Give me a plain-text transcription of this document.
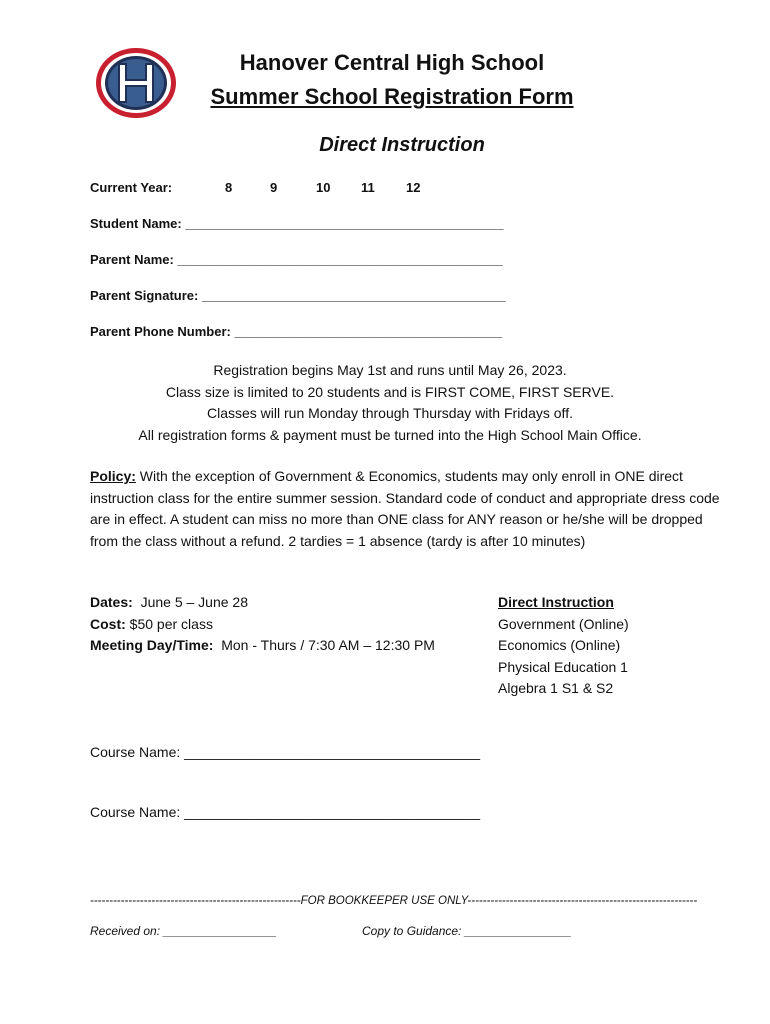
Hanover Central High School
Summer School Registration Form
Direct Instruction
Current Year:	8	9	10 11 12
Student Name: ____________________________________________
Parent Name: _____________________________________________
Parent Signature: __________________________________________
Parent Phone Number: _____________________________________
Registration begins May 1st and runs until May 26, 2023.
Class size is limited to 20 students and is FIRST COME, FIRST SERVE.
Classes will run Monday through Thursday with Fridays off.
All registration forms & payment must be turned into the High School Main Office.
Policy: With the exception of Government & Economics, students may only enroll in ONE direct instruction class for the entire summer session. Standard code of conduct and appropriate dress code are in effect. A student can miss no more than ONE class for ANY reason or he/she will be dropped from the class without a refund. 2 tardies = 1 absence (tardy is after 10 minutes)
Dates:  June 5 – June 28
Cost: $50 per class
Meeting Day/Time:  Mon - Thurs / 7:30 AM – 12:30 PM
Direct Instruction
Government (Online)
Economics (Online)
Physical Education 1
Algebra 1 S1 & S2
Course Name: ______________________________________
Course Name: ______________________________________
-------------------------------------------------------FOR BOOKKEEPER USE ONLY------------------------------------------------------------
Received on: _________________	Copy to Guidance: ________________
